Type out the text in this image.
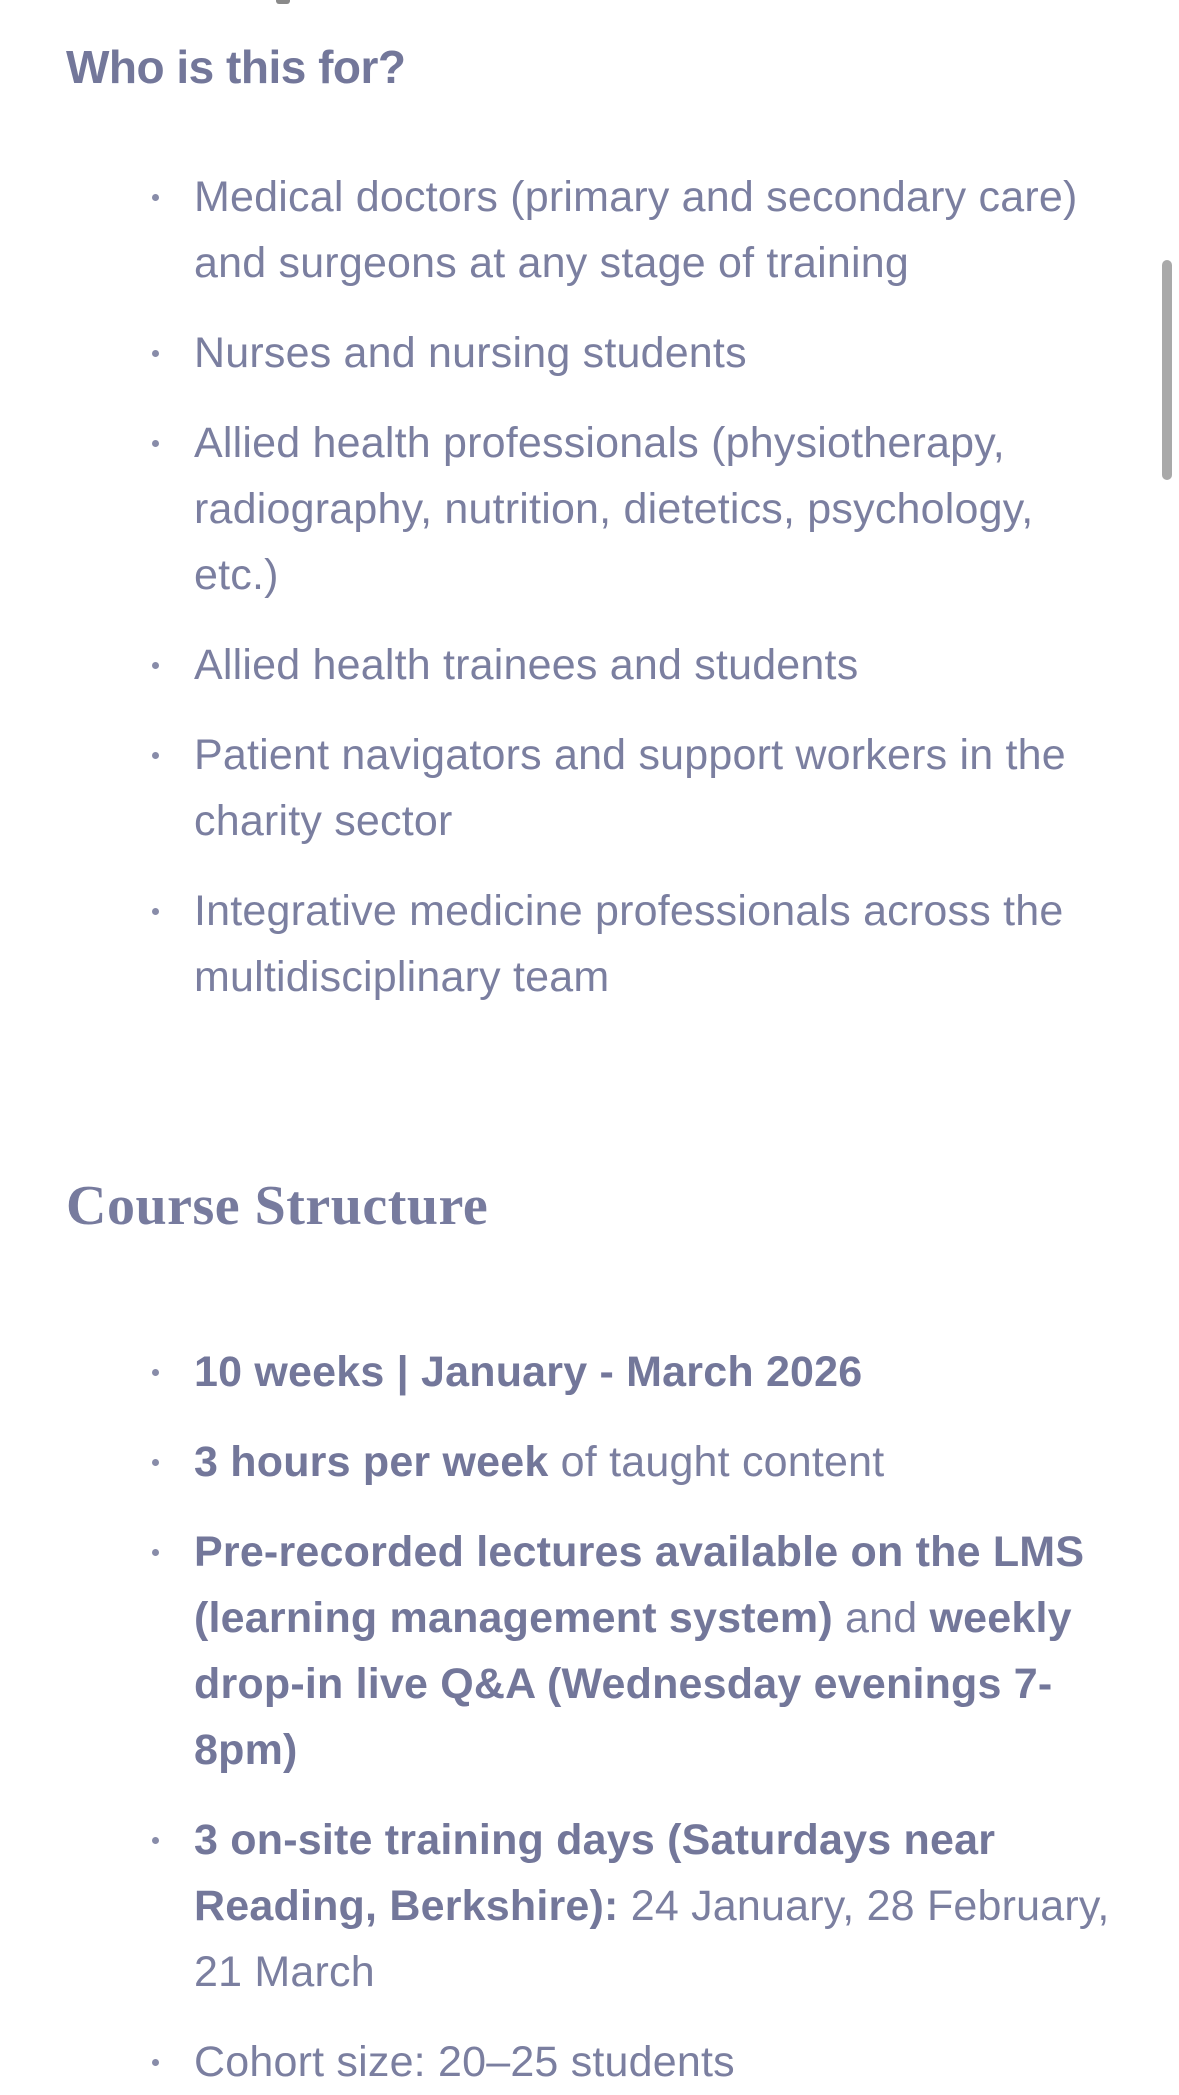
Who is this for?
Medical doctors (primary and secondary care) and surgeons at any stage of training
Nurses and nursing students
Allied health professionals (physiotherapy, radiography, nutrition, dietetics, psychology, etc.)
Allied health trainees and students
Patient navigators and support workers in the charity sector
Integrative medicine professionals across the multidisciplinary team
Course Structure
10 weeks | January - March 2026
3 hours per week of taught content
Pre-recorded lectures available on the LMS (learning management system) and weekly drop-in live Q&A (Wednesday evenings 7-8pm)
3 on-site training days (Saturdays near Reading, Berkshire): 24 January, 28 February, 21 March
Cohort size: 20–25 students
